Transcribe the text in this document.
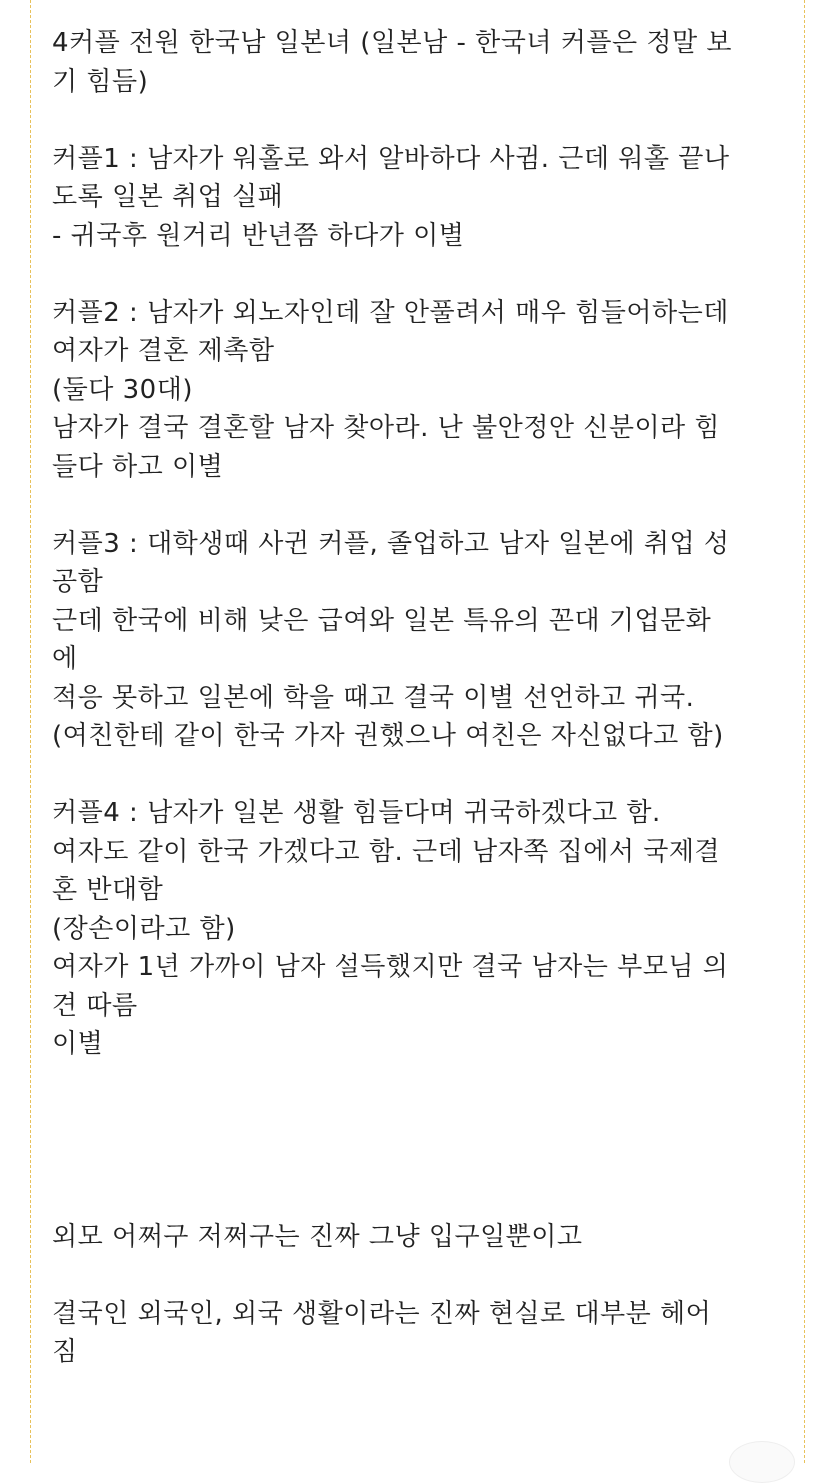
4커플 전원 한국남 일본녀 (일본남 - 한국녀 커플은 정말 보
기 힘듬)
커플1 : 남자가 워홀로 와서 알바하다 사귐. 근데 워홀 끝나
도록 일본 취업 실패
- 귀국후 원거리 반년쯤 하다가 이별
커플2 : 남자가 외노자인데 잘 안풀려서 매우 힘들어하는데
여자가 결혼 제촉함
(둘다 30대)
남자가 결국 결혼할 남자 찾아라. 난 불안정안 신분이라 힘
들다 하고 이별
커플3 : 대학생때 사귄 커플, 졸업하고 남자 일본에 취업 성
공함
근데 한국에 비해 낮은 급여와 일본 특유의 꼰대 기업문화
에
적응 못하고 일본에 학을 때고 결국 이별 선언하고 귀국.
(여친한테 같이 한국 가자 권했으나 여친은 자신없다고 함)
커플4 : 남자가 일본 생활 힘들다며 귀국하겠다고 함.
여자도 같이 한국 가겠다고 함. 근데 남자쪽 집에서 국제결
혼 반대함
(장손이라고 함)
여자가 1년 가까이 남자 설득했지만 결국 남자는 부모님 의
견 따름
이별
외모 어쩌구 저쩌구는 진짜 그냥 입구일뿐이고
결국인 외국인, 외국 생활이라는 진짜 현실로 대부분 헤어
짐
